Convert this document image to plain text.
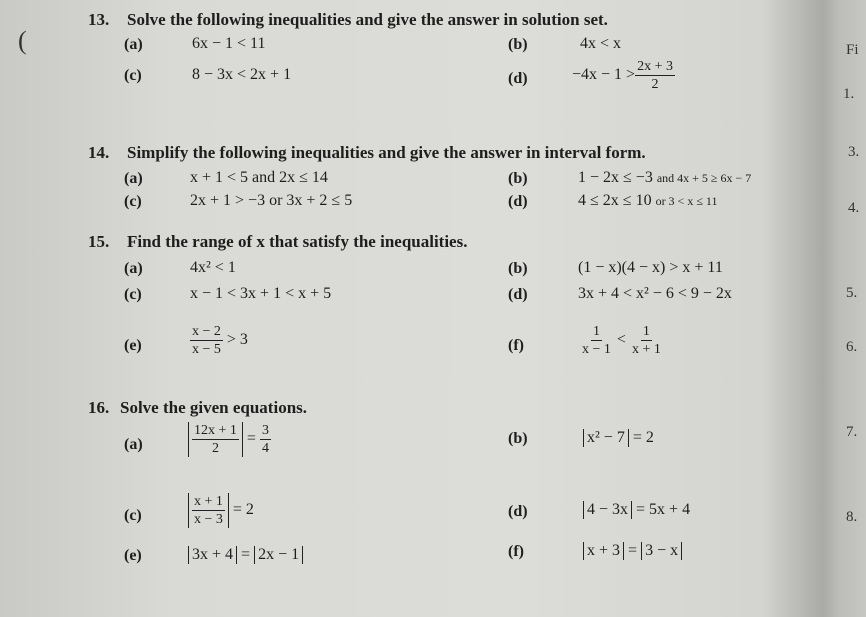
(	Fi
1.
3.
4.
5.
6.
7.
8.
13. Solve the following inequalities and give the answer in solution set.
(a)	6x − 1 < 11	(b)	4x < x
(c)	8 − 3x < 2x + 1	(d)	$-4x - 1 > \frac{2x + 3}{2}$
14. Simplify the following inequalities and give the answer in interval form.
(a)	x + 1 < 5 and 2x ≤ 14	(b)	1 − 2x ≤ −3 and 4x + 5 ≥ 6x − 7
(c)	2x + 1 > −3 or 3x + 2 ≤ 5	(d)	4 ≤ 2x ≤ 10 or 3 < x ≤ 11
15. Find the range of x that satisfy the inequalities.
(a)	4x² < 1	(b)	(1 − x)(4 − x) > x + 11
(c)	x − 1 < 3x + 1 < x + 5	(d)	3x + 4 < x² − 6 < 9 − 2x
(e)	$\frac{x - 2}{x - 5} > 3$	(f)	$\frac{1}{x - 1} < \frac{1}{x + 1}$
16. Solve the given equations.
(a)	$\frac{12x + 1}{2} = \frac{3}{4}$	(b)	x² − 7 = 2
(c)	$\frac{x + 1}{x - 3} = 2$	(d)	4 − 3x = 5x + 4
(e)	3x + 4 = 2x − 1	(f)	x + 3 = 3 − x
